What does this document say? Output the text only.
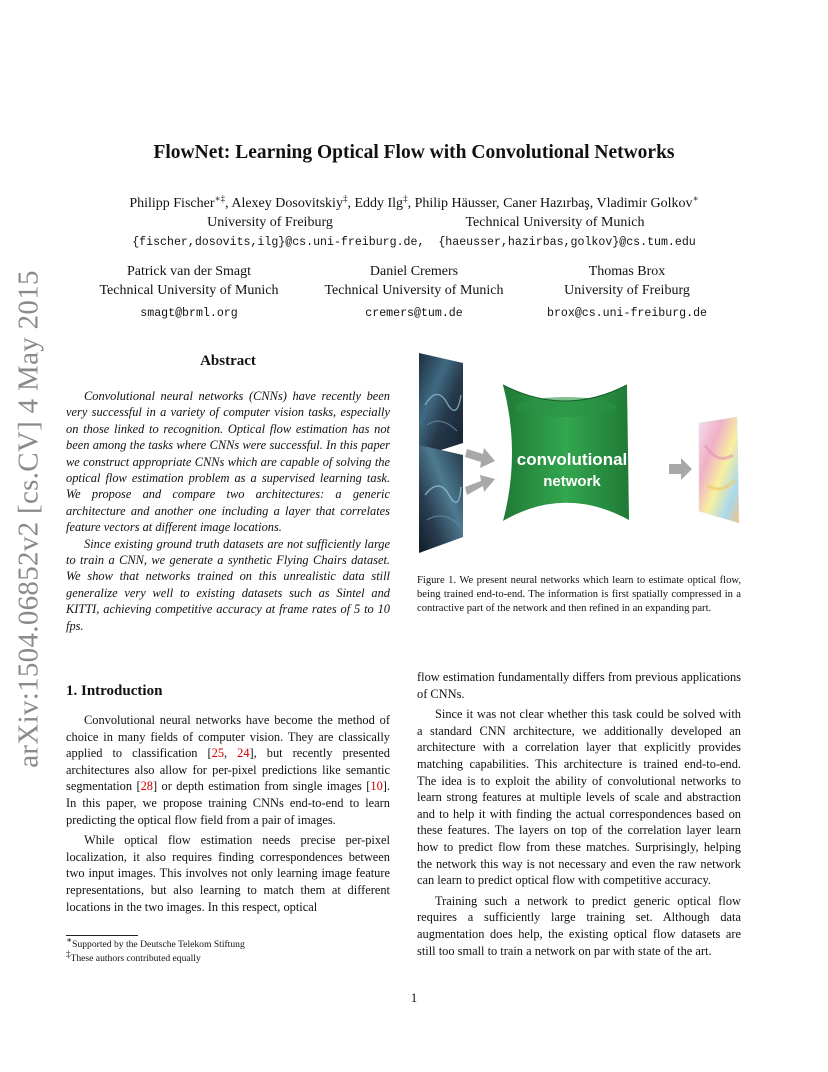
arXiv:1504.06852v2 [cs.CV] 4 May 2015
FlowNet: Learning Optical Flow with Convolutional Networks
Philipp Fischer∗‡, Alexey Dosovitskiy‡, Eddy Ilg‡, Philip Häusser, Caner Hazırbaş, Vladimir Golkov∗
University of Freiburg	Technical University of Munich
{fischer,dosovits,ilg}@cs.uni-freiburg.de, {haeusser,hazirbas,golkov}@cs.tum.edu
Patrick van der Smagt
Technical University of Munich
smagt@brml.org
Daniel Cremers
Technical University of Munich
cremers@tum.de
Thomas Brox
University of Freiburg
brox@cs.uni-freiburg.de
Abstract

Convolutional neural networks (CNNs) have recently been very successful in a variety of computer vision tasks, especially on those linked to recognition. Optical flow estimation has not been among the tasks where CNNs were successful. In this paper we construct appropriate CNNs which are capable of solving the optical flow estimation problem as a supervised learning task. We propose and compare two architectures: a generic architecture and another one including a layer that correlates feature vectors at different image locations.

Since existing ground truth datasets are not sufficiently large to train a CNN, we generate a synthetic Flying Chairs dataset. We show that networks trained on this unrealistic data still generalize very well to existing datasets such as Sintel and KITTI, achieving competitive accuracy at frame rates of 5 to 10 fps.

convolutional
network
Figure 1. We present neural networks which learn to estimate optical flow, being trained end-to-end. The information is first spatially compressed in a contractive part of the network and then refined in an expanding part.
1. Introduction

Convolutional neural networks have become the method of choice in many fields of computer vision. They are classically applied to classification [25, 24], but recently presented architectures also allow for per-pixel predictions like semantic segmentation [28] or depth estimation from single images [10]. In this paper, we propose training CNNs end-to-end to learn predicting the optical flow field from a pair of images.

While optical flow estimation needs precise per-pixel localization, it also requires finding correspondences between two input images. This involves not only learning image feature representations, but also learning to match them at different locations in the two images. In this respect, optical

flow estimation fundamentally differs from previous applications of CNNs.

Since it was not clear whether this task could be solved with a standard CNN architecture, we additionally developed an architecture with a correlation layer that explicitly provides matching capabilities. This architecture is trained end-to-end. The idea is to exploit the ability of convolutional networks to learn strong features at multiple levels of scale and abstraction and to help it with finding the actual correspondences based on these features. The layers on top of the correlation layer learn how to predict flow from these matches. Surprisingly, helping the network this way is not necessary and even the raw network can learn to predict optical flow with competitive accuracy.

Training such a network to predict generic optical flow requires a sufficiently large training set. Although data augmentation does help, the existing optical flow datasets are still too small to train a network on par with state of the art.

∗Supported by the Deutsche Telekom Stiftung
‡These authors contributed equally
1
